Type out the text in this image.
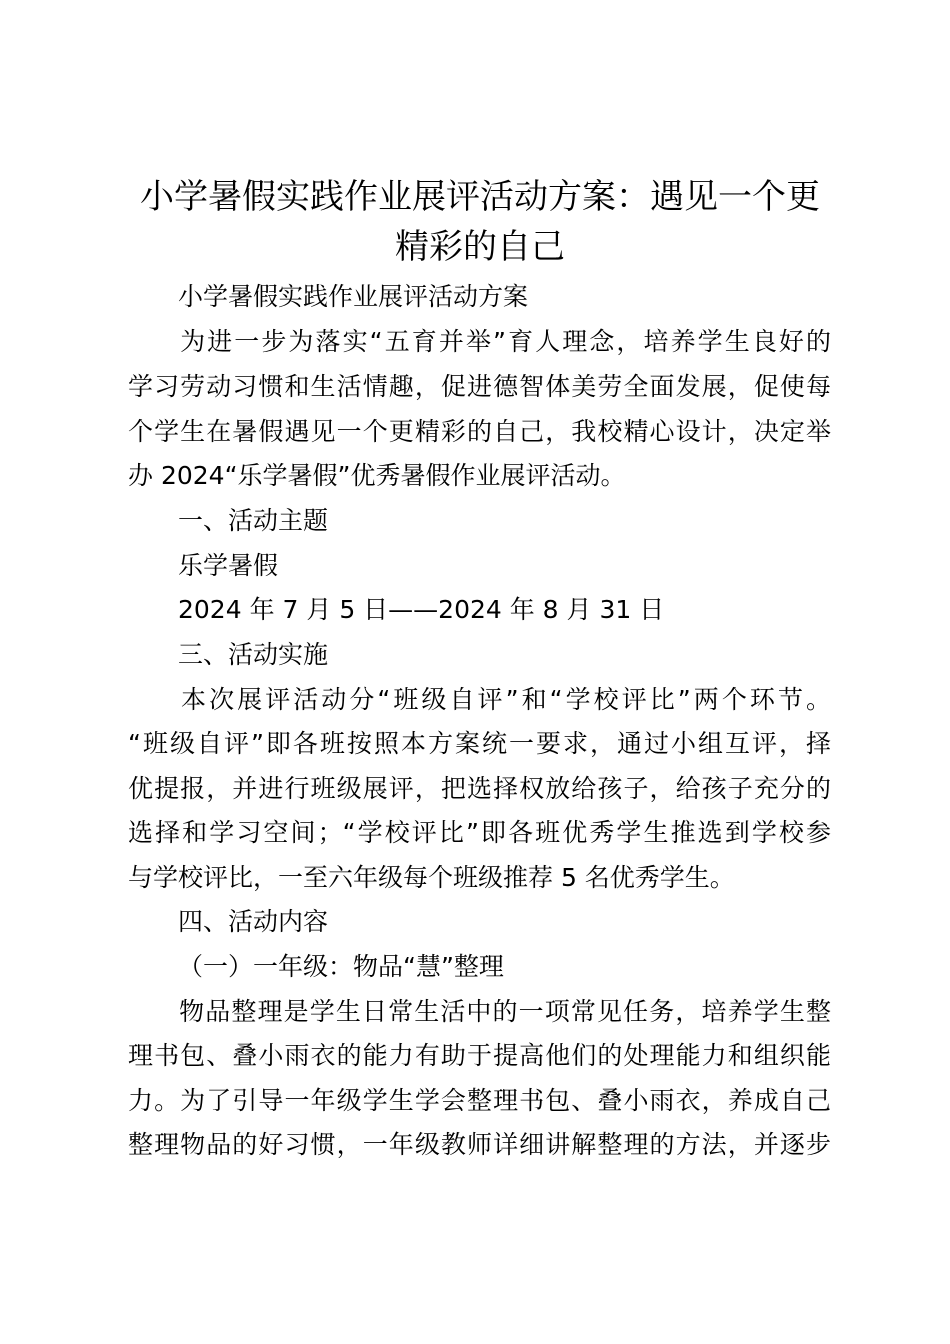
小学暑假实践作业展评活动方案：遇见一个更
精彩的自己
小学暑假实践作业展评活动方案
为进一步为落实“五育并举”育人理念，培养学生良好的
学习劳动习惯和生活情趣，促进德智体美劳全面发展，促使每
个学生在暑假遇见一个更精彩的自己，我校精心设计，决定举
办 2024“乐学暑假”优秀暑假作业展评活动。
一、活动主题
乐学暑假
2024 年 7 月 5 日——2024 年 8 月 31 日
三、活动实施
本次展评活动分“班级自评”和“学校评比”两个环节。
“班级自评”即各班按照本方案统一要求，通过小组互评，择
优提报，并进行班级展评，把选择权放给孩子，给孩子充分的
选择和学习空间；“学校评比”即各班优秀学生推选到学校参
与学校评比，一至六年级每个班级推荐 5 名优秀学生。
四、活动内容
（一）一年级：物品“慧”整理
物品整理是学生日常生活中的一项常见任务，培养学生整
理书包、叠小雨衣的能力有助于提高他们的处理能力和组织能
力。为了引导一年级学生学会整理书包、叠小雨衣，养成自己
整理物品的好习惯，一年级教师详细讲解整理的方法，并逐步
